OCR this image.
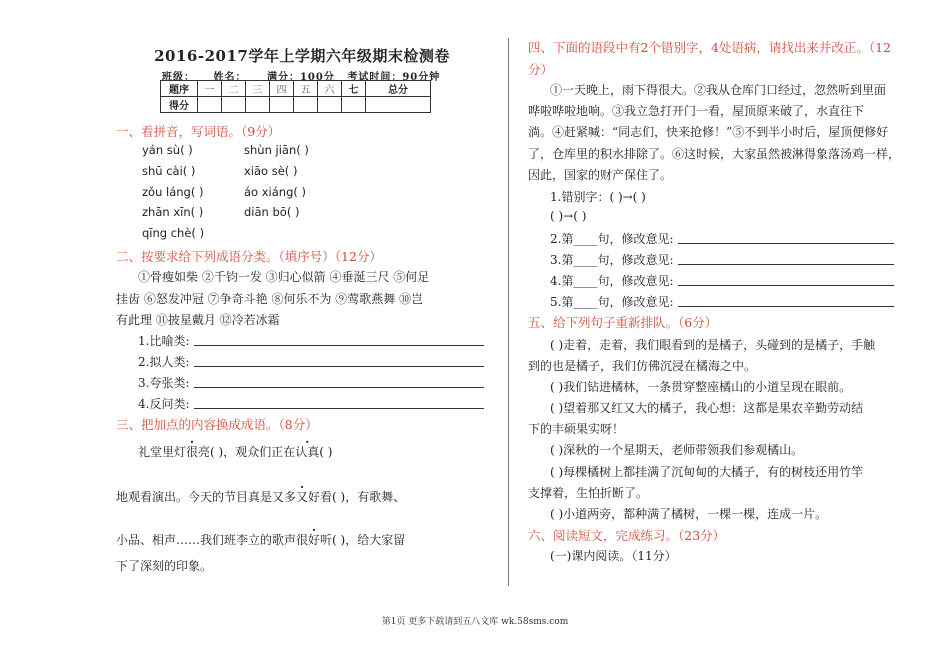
2016-2017学年上学期六年级期末检测卷
班级： 姓名： 满分：100分 考试时间：90分钟
题序	一	二	三	四	五	六	七	总分
得分								
一、看拼音，写词语。（9分）
yán sù( )	shùn jiān( )
shū cài( )	xiāo sè( )
zǒu láng( )	áo xiáng( )
zhān xīn( )	diān bō( )
qīng chè( )
二、按要求给下列成语分类。（填序号）（12分）
①骨瘦如柴 ②千钧一发 ③归心似箭 ④垂涎三尺 ⑤何足
挂齿 ⑥怒发冲冠 ⑦争奇斗艳 ⑧何乐不为 ⑨莺歌燕舞 ⑩岂
有此理 ⑪披星戴月 ⑫冷若冰霜
1.比喻类:
2.拟人类:
3.夸张类:
4.反问类:
三、把加点的内容换成成语。（8分）
礼堂里灯很亮( )，观众们正在认真( )
地观看演出。今天的节目真是. 又多又好看( )，有歌舞、
小品、相声……我们班李立的歌声很好听( )，给大家留
下了深刻的印象。
四、下面的语段中有2个错别字，4处语病，请找出来并改正。（12
分）
①一天晚上，雨下得很大。②我从仓库门口经过，忽然听到里面
哗啦哗啦地响。③我立急打开门一看，屋顶原来破了，水直往下
淌。④赶紧喊：“同志们，快来抢修！”⑤不到半小时后，屋顶便修好
了，仓库里的积水排除了。⑥这时候，大家虽然被淋得象落汤鸡一样，
因此，国家的财产保住了。
1.错别字：( )→( )
( )→( )
2.第____句，修改意见:
3.第____句，修改意见:
4.第____句，修改意见:
5.第____句，修改意见:
五、给下列句子重新排队。（6分）
( )走着，走着，我们眼看到的是橘子，头碰到的是橘子，手触
到的也是橘子，我们仿佛沉浸在橘海之中。
( )我们钻进橘林，一条贯穿整座橘山的小道呈现在眼前。
( )望着那又红又大的橘子，我心想：这都是果农辛勤劳动结
下的丰硕果实呀！
( )深秋的一个星期天，老师带领我们参观橘山。
( )每棵橘树上都挂满了沉甸甸的大橘子，有的树枝还用竹竿
支撑着，生怕折断了。
( )小道两旁，都种满了橘树，一棵一棵，连成一片。
六、阅读短文，完成练习。（23分）
(一)课内阅读。（11分）
第1页 更多下载请到五八文库 wk.58sms.com
